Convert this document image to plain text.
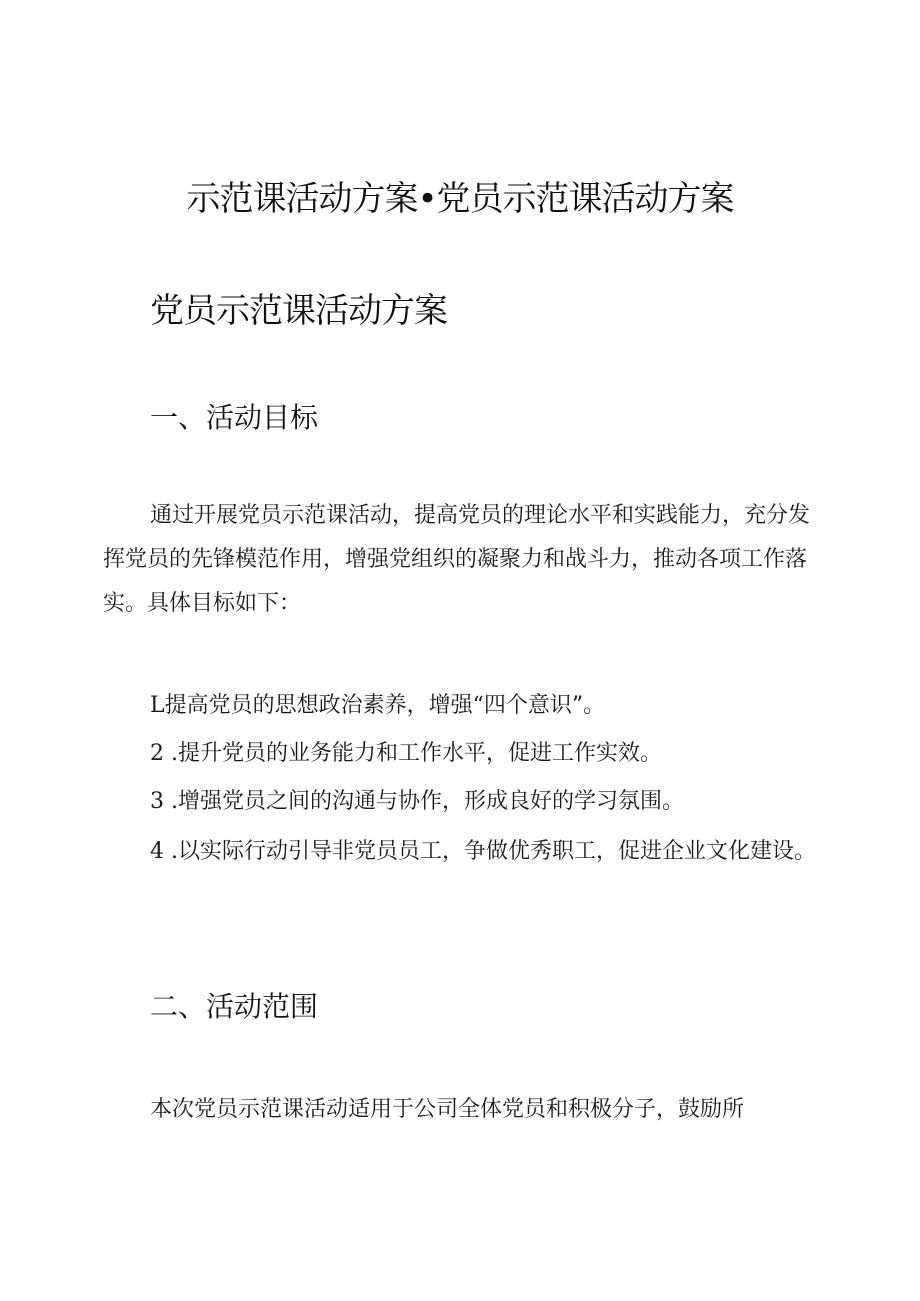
示范课活动方案•党员示范课活动方案
党员示范课活动方案
一、活动目标

通过开展党员示范课活动，提高党员的理论水平和实践能力，充分发挥党员的先锋模范作用，增强党组织的凝聚力和战斗力，推动各项工作落实。具体目标如下：

L提高党员的思想政治素养，增强“四个意识”。

2 .提升党员的业务能力和工作水平，促进工作实效。

3 .增强党员之间的沟通与协作，形成良好的学习氛围。

4 .以实际行动引导非党员员工，争做优秀职工，促进企业文化建设。

二、活动范围

本次党员示范课活动适用于公司全体党员和积极分子，鼓励所
